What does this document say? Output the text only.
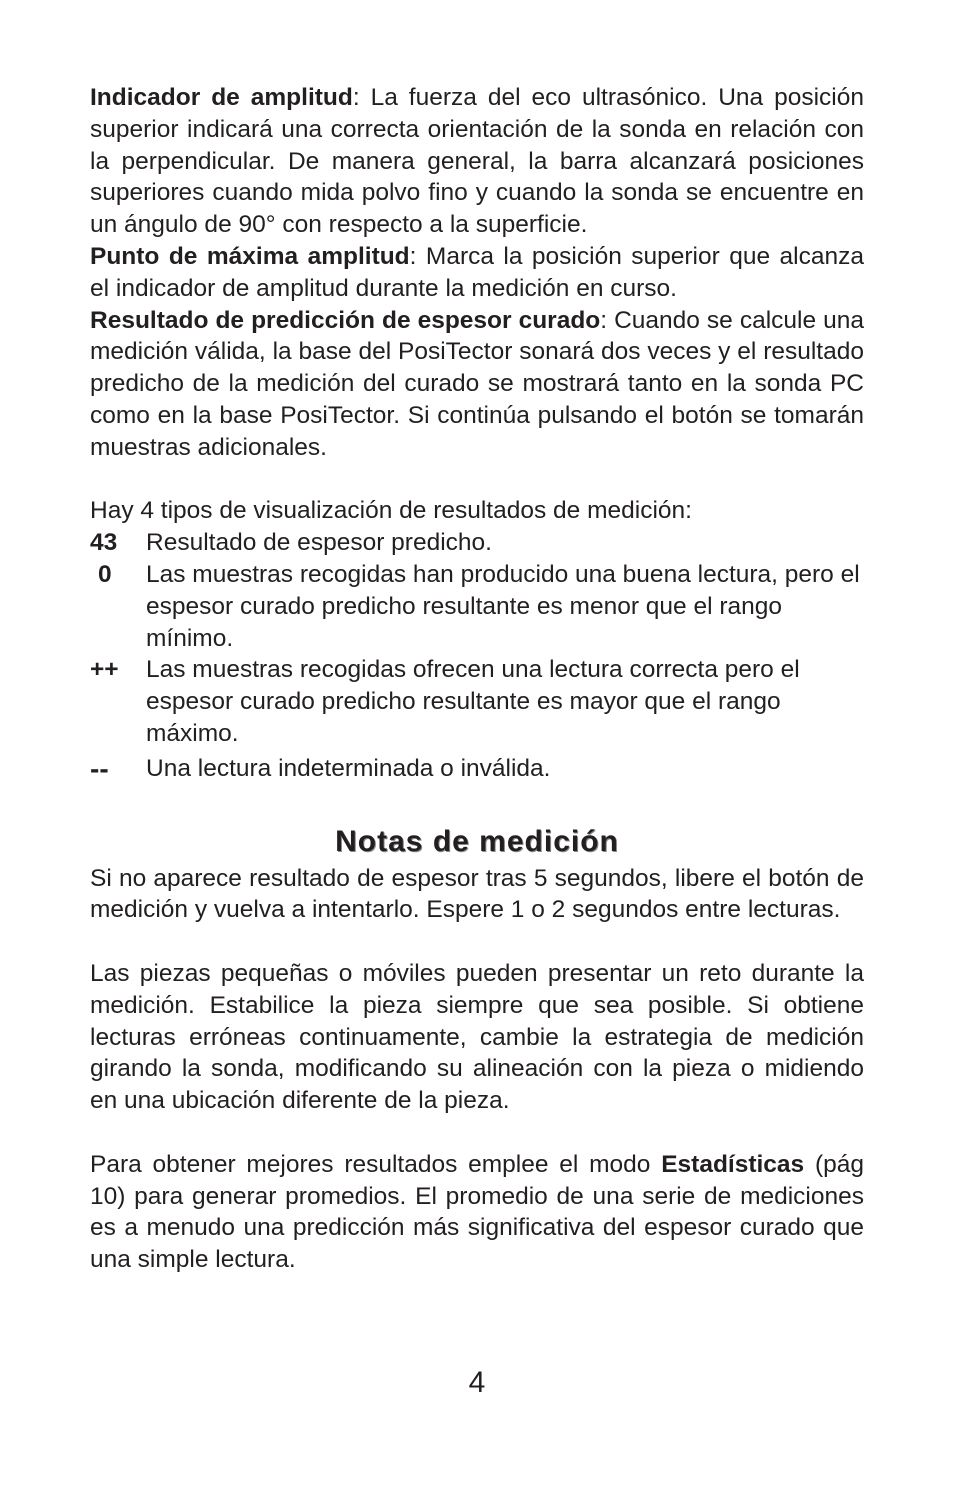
Indicador de amplitud: La fuerza del eco ultrasónico. Una posición superior indicará una correcta orientación de la sonda en relación con la perpendicular. De manera general, la barra alcanzará posiciones superiores cuando mida polvo fino y cuando la sonda se encuentre en un ángulo de 90° con respecto a la superficie.

Punto de máxima amplitud: Marca la posición superior que alcanza el indicador de amplitud durante la medición en curso.

Resultado de predicción de espesor curado: Cuando se calcule una medición válida, la base del PosiTector sonará dos veces y el resultado predicho de la medición del curado se mostrará tanto en la sonda PC como en la base PosiTector. Si continúa pulsando el botón se tomarán muestras adicionales.

Hay 4 tipos de visualización de resultados de medición:

43 Resultado de espesor predicho.
0 Las muestras recogidas han producido una buena lectura, pero el espesor curado predicho resultante es menor que el rango mínimo.
++ Las muestras recogidas ofrecen una lectura correcta pero el espesor curado predicho resultante es mayor que el rango máximo.
-- Una lectura indeterminada o inválida.
Notas de medición

Si no aparece resultado de espesor tras 5 segundos, libere el botón de medición y vuelva a intentarlo. Espere 1 o 2 segundos entre lecturas.

Las piezas pequeñas o móviles pueden presentar un reto durante la medición. Estabilice la pieza siempre que sea posible. Si obtiene lecturas erróneas continuamente, cambie la estrategia de medición girando la sonda, modificando su alineación con la pieza o midiendo en una ubicación diferente de la pieza.

Para obtener mejores resultados emplee el modo Estadísticas (pág 10) para generar promedios. El promedio de una serie de mediciones es a menudo una predicción más significativa del espesor curado que una simple lectura.

4
